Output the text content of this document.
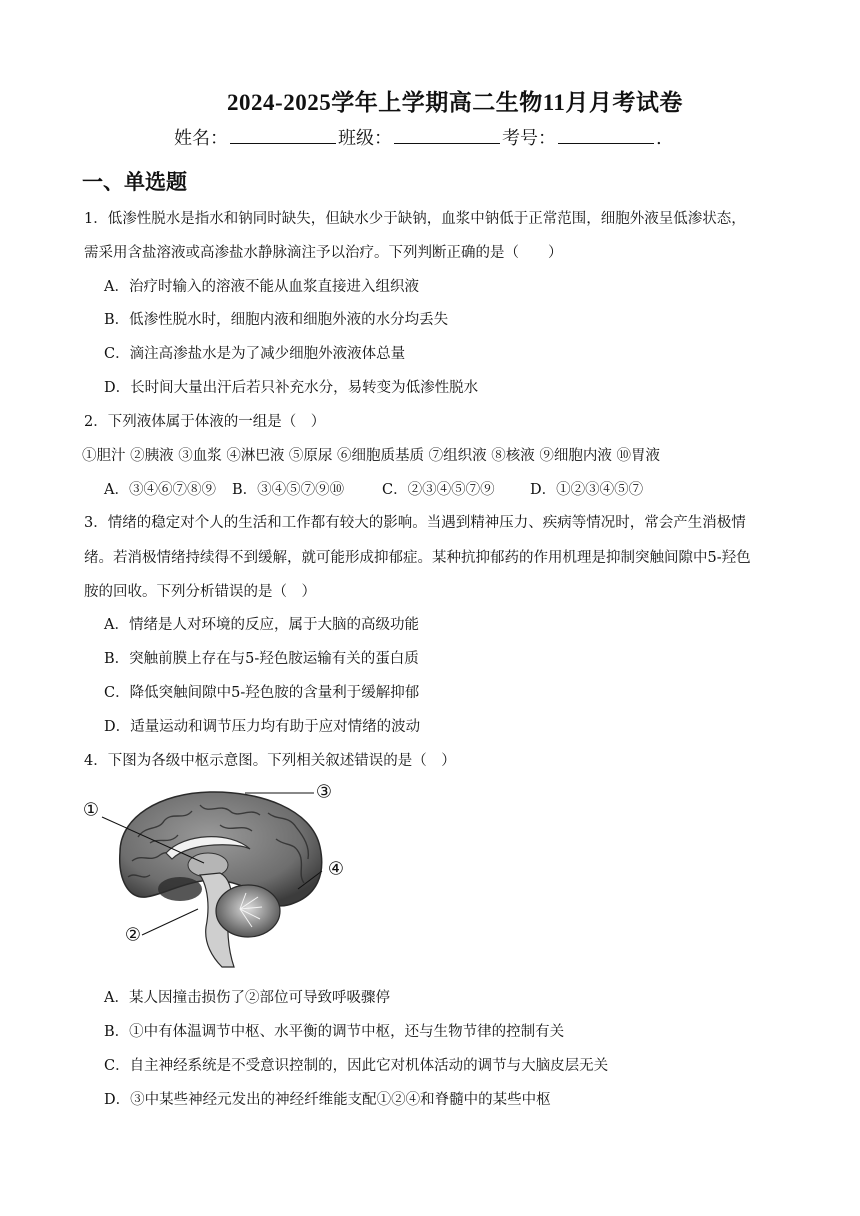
2024-2025学年上学期高二生物11月月考试卷
姓名：	班级：	考号：	.
一、单选题
1．低渗性脱水是指水和钠同时缺失，但缺水少于缺钠，血浆中钠低于正常范围，细胞外液呈低渗状态，
需采用含盐溶液或高渗盐水静脉滴注予以治疗。下列判断正确的是（　　）
A．治疗时输入的溶液不能从血浆直接进入组织液
B．低渗性脱水时，细胞内液和细胞外液的水分均丢失
C．滴注高渗盐水是为了减少细胞外液液体总量
D．长时间大量出汗后若只补充水分，易转变为低渗性脱水
2．下列液体属于体液的一组是（　）
①胆汁 ②胰液 ③血浆 ④淋巴液 ⑤原尿 ⑥细胞质基质 ⑦组织液 ⑧核液 ⑨细胞内液 ⑩胃液
A．③④⑥⑦⑧⑨ B．③④⑤⑦⑨⑩	C．②③④⑤⑦⑨ D．①②③④⑤⑦
3．情绪的稳定对个人的生活和工作都有较大的影响。当遇到精神压力、疾病等情况时，常会产生消极情
绪。若消极情绪持续得不到缓解，就可能形成抑郁症。某种抗抑郁药的作用机理是抑制突触间隙中5-羟色
胺的回收。下列分析错误的是（　）
A．情绪是人对环境的反应，属于大脑的高级功能
B．突触前膜上存在与5-羟色胺运输有关的蛋白质
C．降低突触间隙中5-羟色胺的含量利于缓解抑郁
D．适量运动和调节压力均有助于应对情绪的波动
4．下图为各级中枢示意图。下列相关叙述错误的是（　）
①
②
③
④
A．某人因撞击损伤了②部位可导致呼吸骤停
B．①中有体温调节中枢、水平衡的调节中枢，还与生物节律的控制有关
C．自主神经系统是不受意识控制的，因此它对机体活动的调节与大脑皮层无关
D．③中某些神经元发出的神经纤维能支配①②④和脊髓中的某些中枢
